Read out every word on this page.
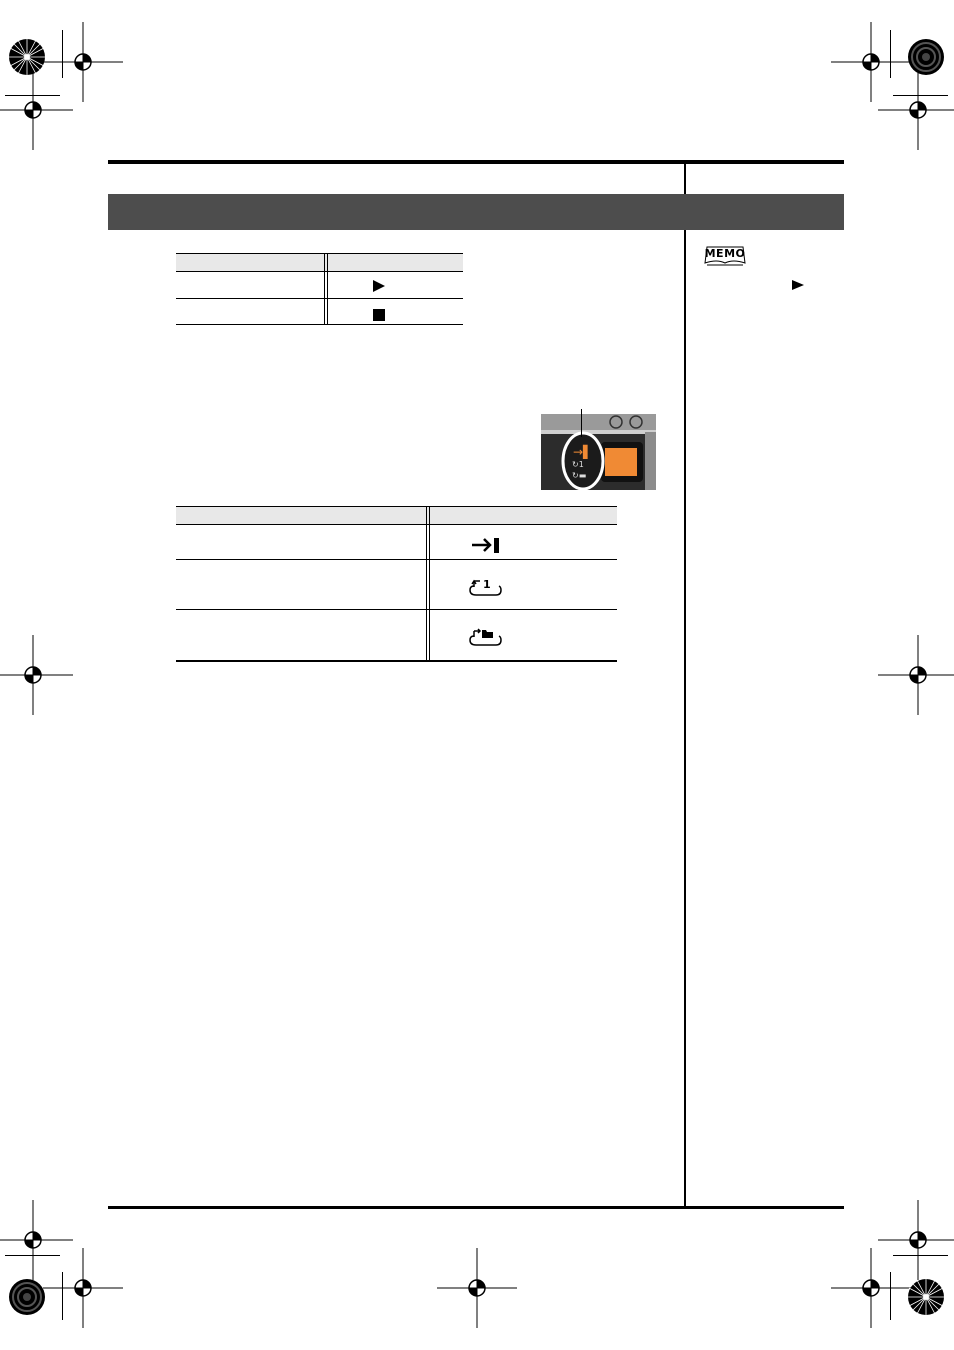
→▌
↻1
↻▬
1
MEMO
